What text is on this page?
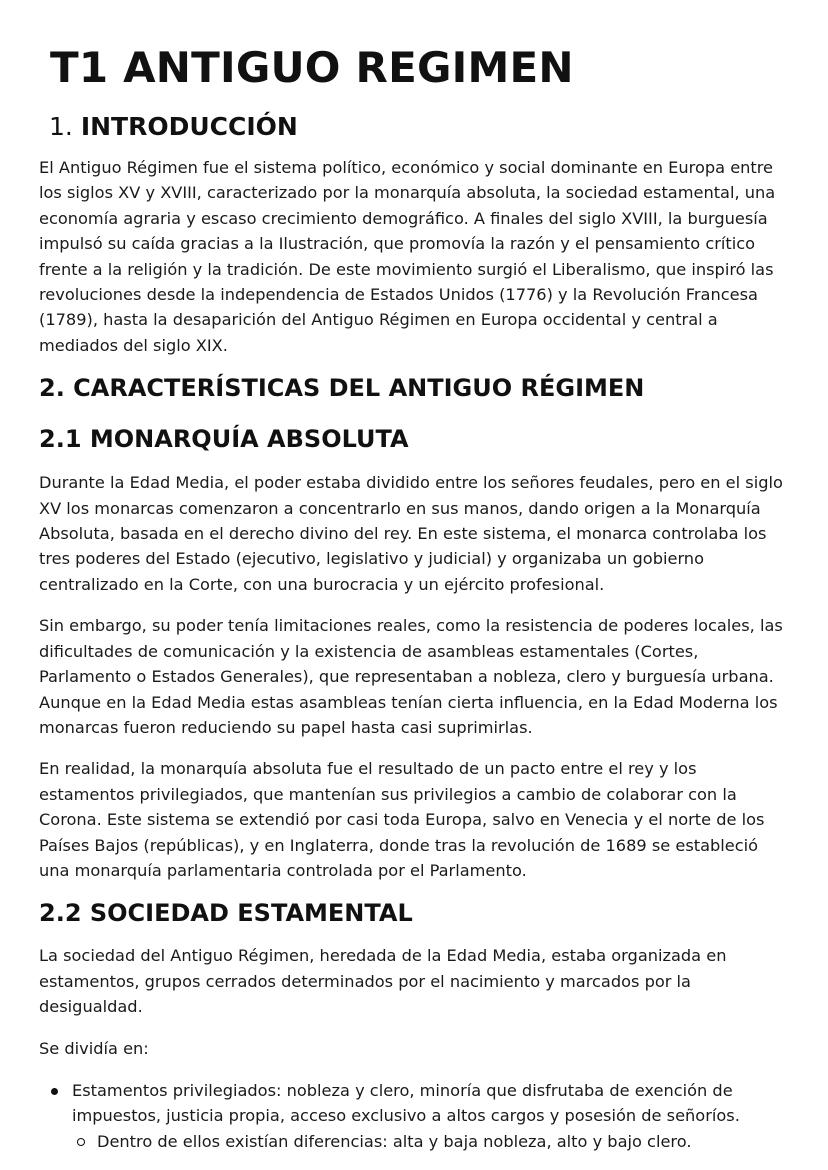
T1 ANTIGUO REGIMEN
1. INTRODUCCIÓN

El Antiguo Régimen fue el sistema político, económico y social dominante en Europa entre los siglos XV y XVIII, caracterizado por la monarquía absoluta, la sociedad estamental, una economía agraria y escaso crecimiento demográfico. A finales del siglo XVIII, la burguesía impulsó su caída gracias a la Ilustración, que promovía la razón y el pensamiento crítico frente a la religión y la tradición. De este movimiento surgió el Liberalismo, que inspiró las revoluciones desde la independencia de Estados Unidos (1776) y la Revolución Francesa (1789), hasta la desaparición del Antiguo Régimen en Europa occidental y central a mediados del siglo XIX.

2. CARACTERÍSTICAS DEL ANTIGUO RÉGIMEN
2.1 MONARQUÍA ABSOLUTA

Durante la Edad Media, el poder estaba dividido entre los señores feudales, pero en el siglo XV los monarcas comenzaron a concentrarlo en sus manos, dando origen a la Monarquía Absoluta, basada en el derecho divino del rey. En este sistema, el monarca controlaba los tres poderes del Estado (ejecutivo, legislativo y judicial) y organizaba un gobierno centralizado en la Corte, con una burocracia y un ejército profesional.

Sin embargo, su poder tenía limitaciones reales, como la resistencia de poderes locales, las dificultades de comunicación y la existencia de asambleas estamentales (Cortes, Parlamento o Estados Generales), que representaban a nobleza, clero y burguesía urbana. Aunque en la Edad Media estas asambleas tenían cierta influencia, en la Edad Moderna los monarcas fueron reduciendo su papel hasta casi suprimirlas.

En realidad, la monarquía absoluta fue el resultado de un pacto entre el rey y los estamentos privilegiados, que mantenían sus privilegios a cambio de colaborar con la Corona. Este sistema se extendió por casi toda Europa, salvo en Venecia y el norte de los Países Bajos (repúblicas), y en Inglaterra, donde tras la revolución de 1689 se estableció una monarquía parlamentaria controlada por el Parlamento.

2.2 SOCIEDAD ESTAMENTAL

La sociedad del Antiguo Régimen, heredada de la Edad Media, estaba organizada en estamentos, grupos cerrados determinados por el nacimiento y marcados por la desigualdad.

Se dividía en:

Estamentos privilegiados: nobleza y clero, minoría que disfrutaba de exención de impuestos, justicia propia, acceso exclusivo a altos cargos y posesión de señoríos.
Dentro de ellos existían diferencias: alta y baja nobleza, alto y bajo clero.
